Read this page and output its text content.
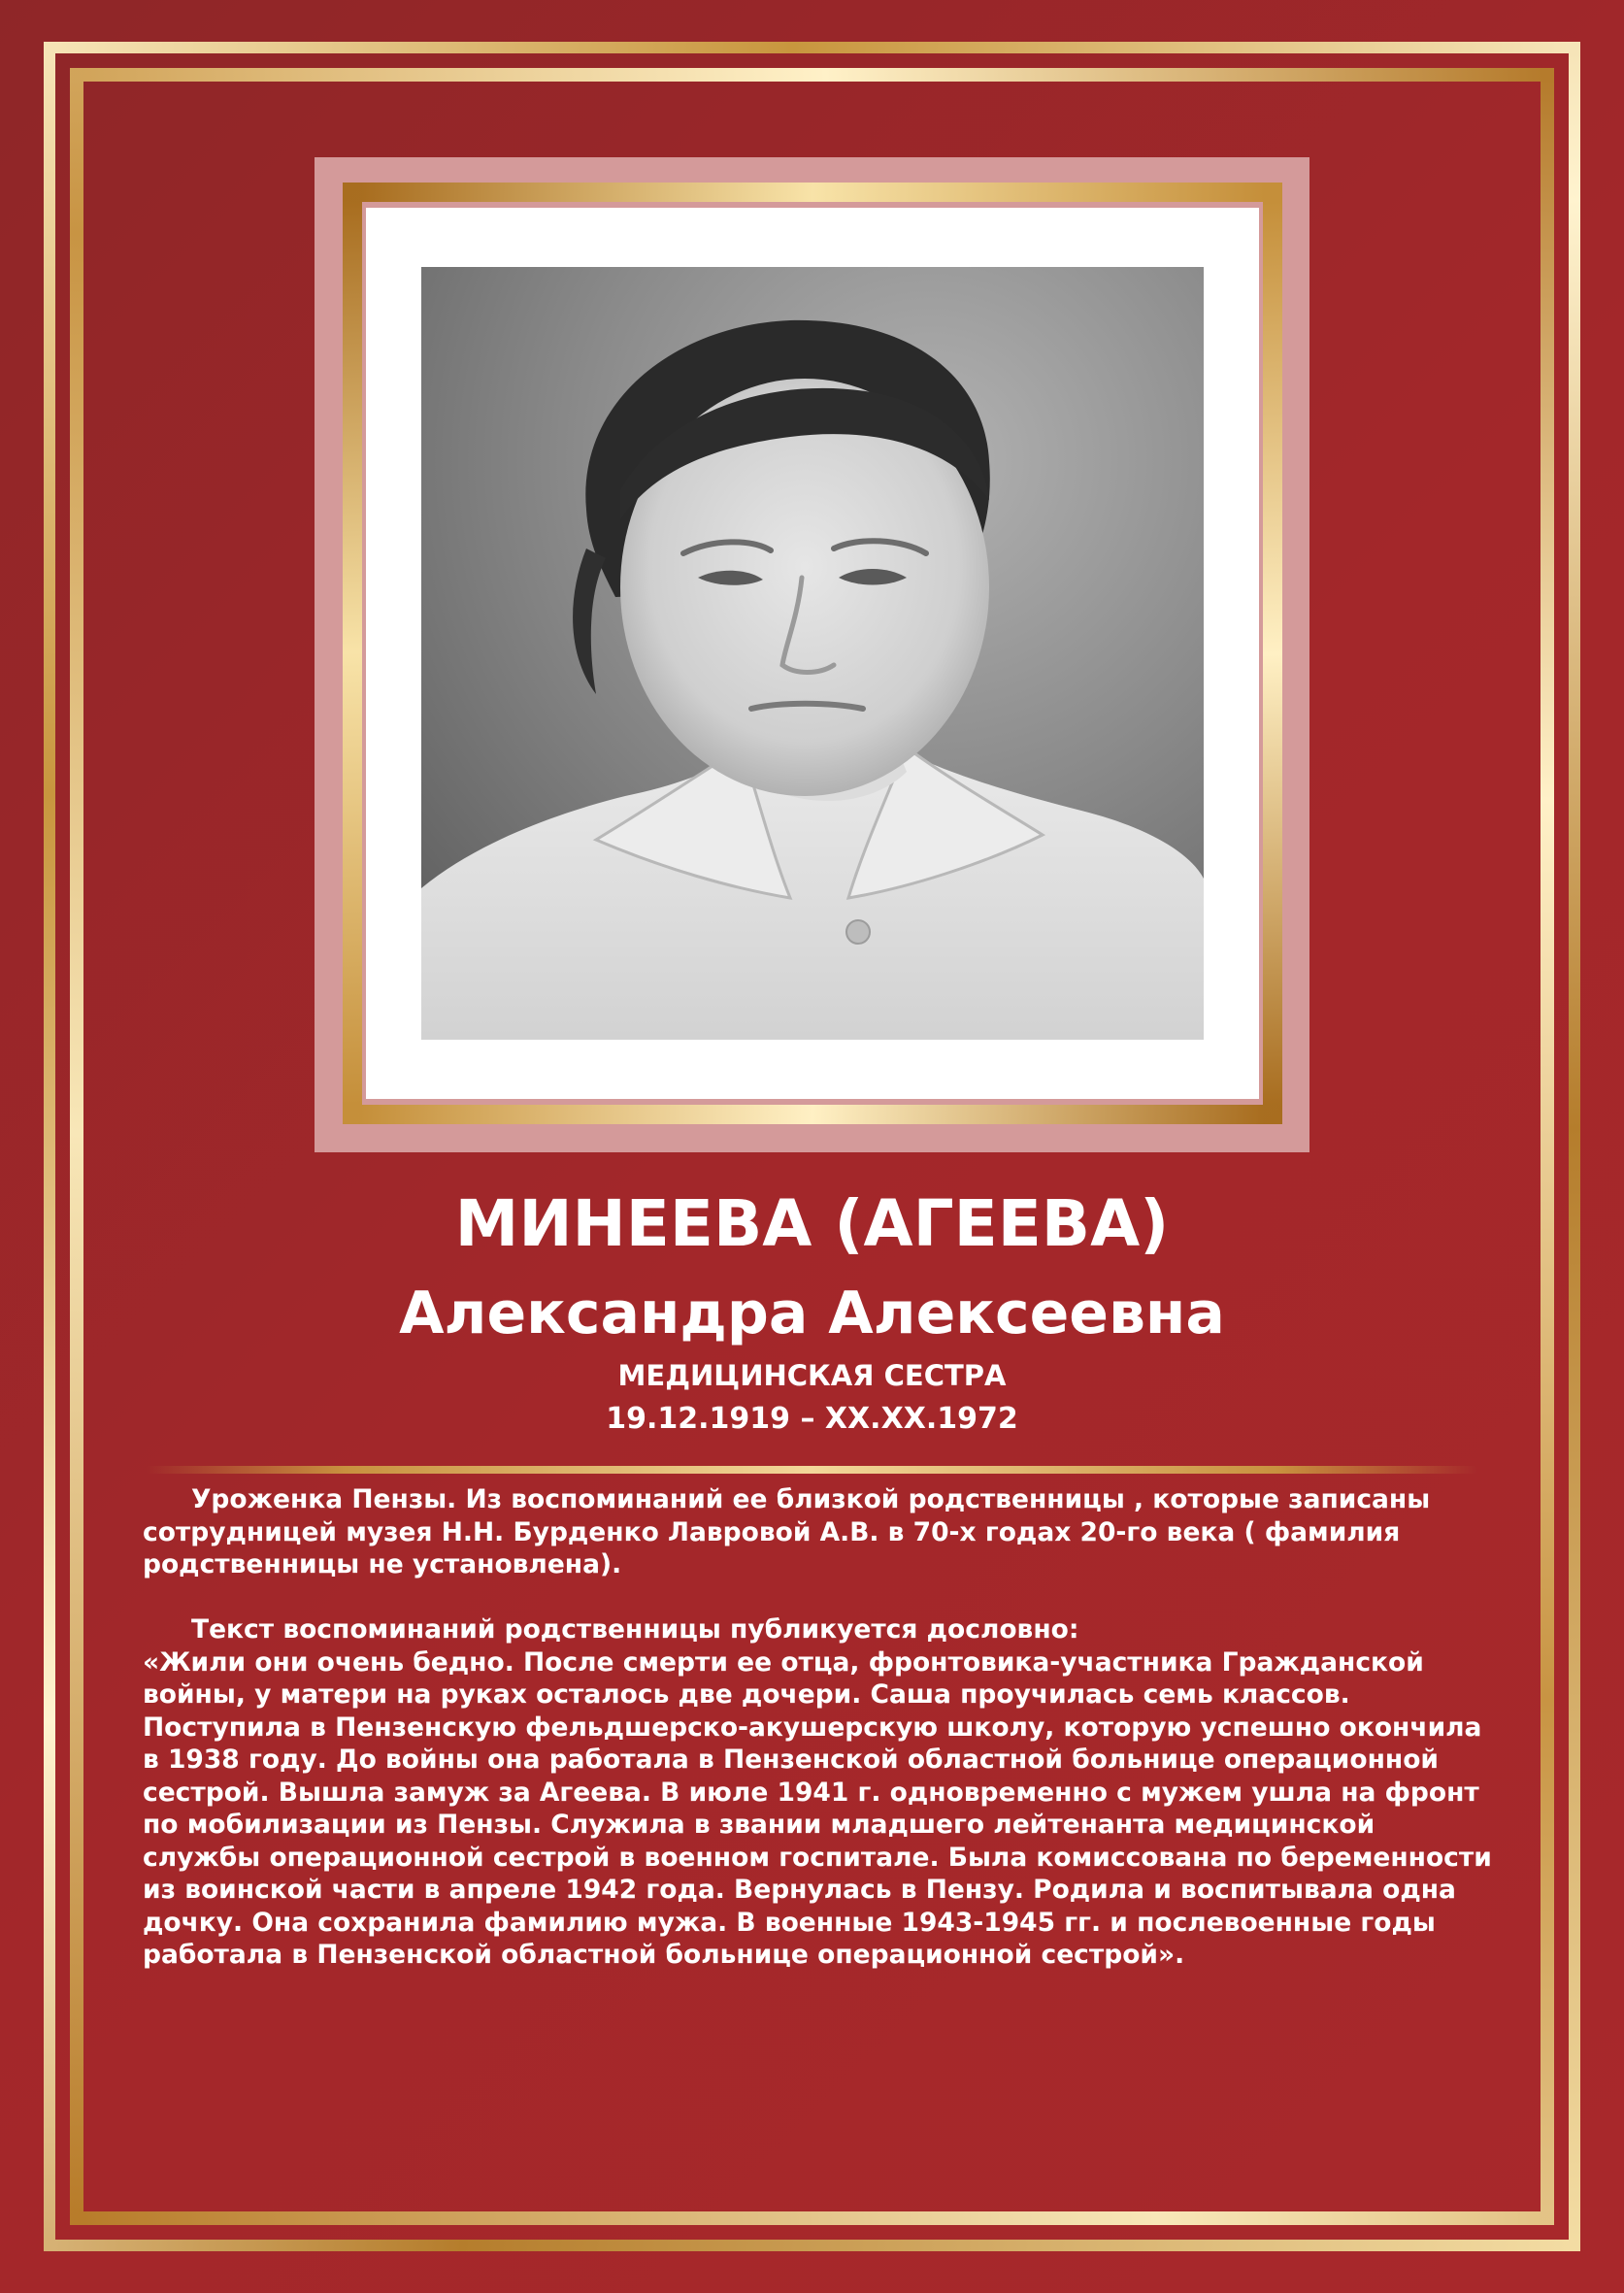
МИНЕЕВА (АГЕЕВА)
Александра Алексеевна
МЕДИЦИНСКАЯ СЕСТРА
19.12.1919 – XX.XX.1972

Уроженка Пензы. Из воспоминаний ее близкой родственницы , которые записаны сотрудницей музея Н.Н. Бурденко Лавровой А.В. в 70-х годах 20-го века ( фамилия родственницы не установлена).

Текст воспоминаний родственницы публикуется дословно:

«Жили они очень бедно. После смерти ее отца, фронтовика-участника Гражданской войны, у матери на руках осталось две дочери. Саша проучилась семь классов. Поступила в Пензенскую фельдшерско-акушерскую школу, которую успешно окончила в 1938 году. До войны она работала в Пензенской областной больнице операционной сестрой. Вышла замуж за Агеева. В июле 1941 г. одновременно с мужем ушла на фронт по мобилизации из Пензы. Служила в звании младшего лейтенанта медицинской службы операционной сестрой в военном госпитале. Была комиссована по беременности из воинской части в апреле 1942 года. Вернулась в Пензу. Родила и воспитывала одна дочку. Она сохранила фамилию мужа. В военные 1943-1945 гг. и послевоенные годы работала в Пензенской областной больнице операционной сестрой».
